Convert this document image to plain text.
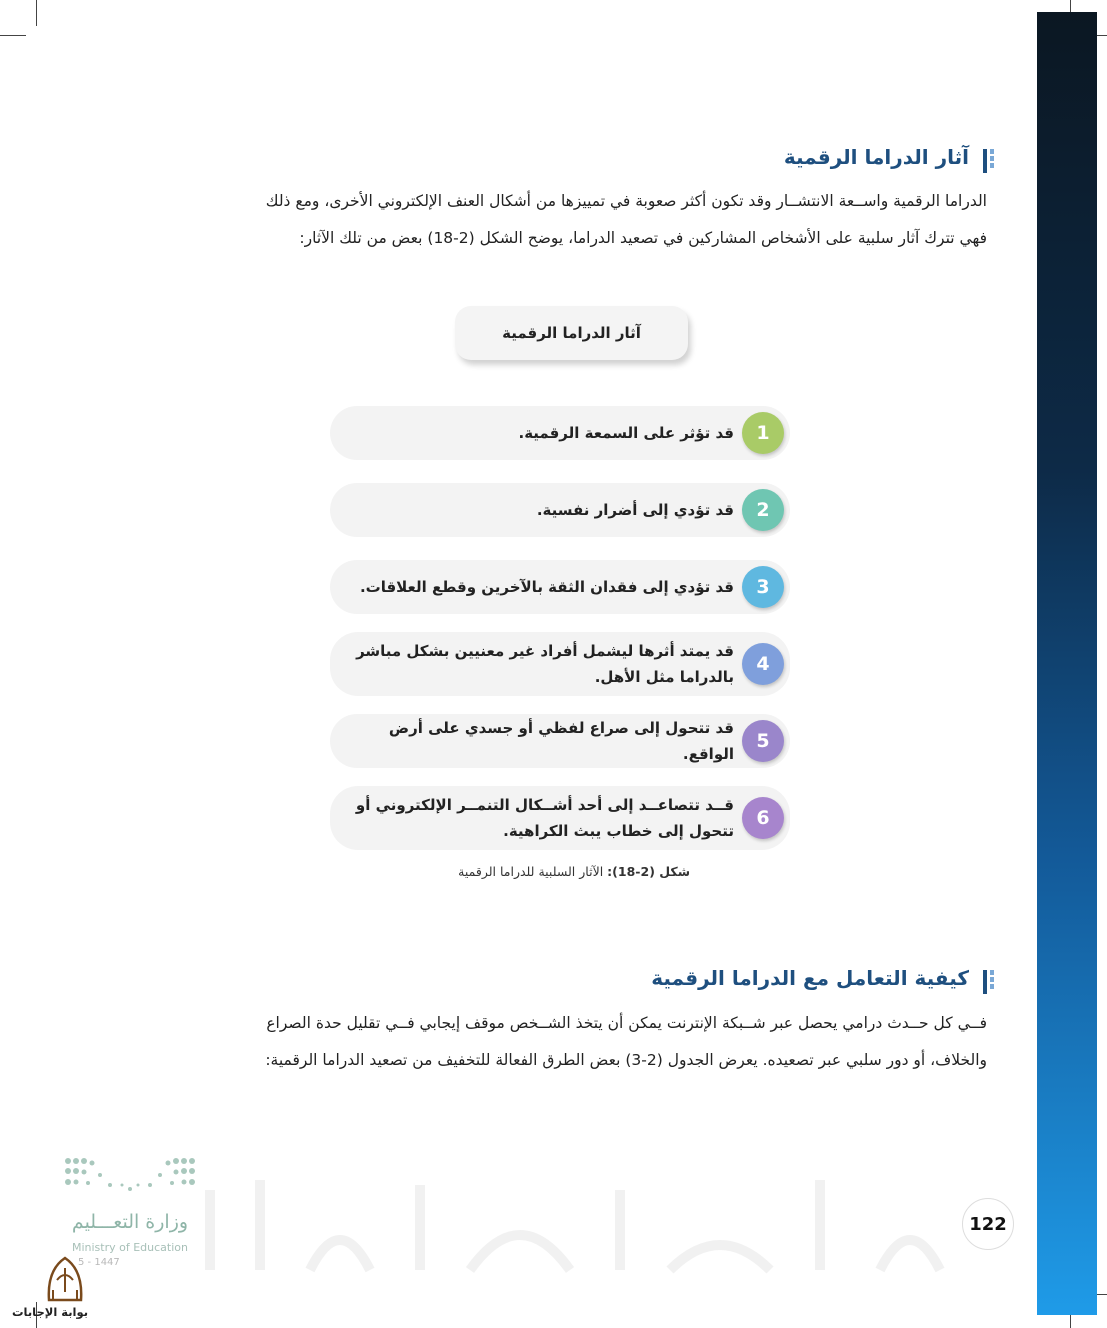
آثار الدراما الرقمية
الدراما الرقمية واســعة الانتشــار وقد تكون أكثر صعوبة في تمييزها من أشكال العنف الإلكتروني الأخرى، ومع ذلك
فهي تترك آثار سلبية على الأشخاص المشاركين في تصعيد الدراما، يوضح الشكل (2-18) بعض من تلك الآثار:
آثار الدراما الرقمية
قد تؤثر على السمعة الرقمية.	1
قد تؤدي إلى أضرار نفسية.	2
قد تؤدي إلى فقدان الثقة بالآخرين وقطع العلاقات.	3
قد يمتد أثرها ليشمل أفراد غير معنيين بشكل مباشر بالدراما مثل الأهل.
4
قد تتحول إلى صراع لفظي أو جسدي على أرض الواقع.
5
قــد تتصاعــد إلى أحد أشــكال التنمــر الإلكتروني أو تتحول إلى خطاب يبث الكراهية.
6
شكل (2-18): الآثار السلبية للدراما الرقمية
كيفية التعامل مع الدراما الرقمية
فــي كل حــدث درامي يحصل عبر شــبكة الإنترنت يمكن أن يتخذ الشــخص موقف إيجابي فــي تقليل حدة الصراع
والخلاف، أو دور سلبي عبر تصعيده. يعرض الجدول (2-3) بعض الطرق الفعالة للتخفيف من تصعيد الدراما الرقمية:
وزارة التعـــليم
Ministry of Education
5 - 1447
بوابة الإجابات
122
